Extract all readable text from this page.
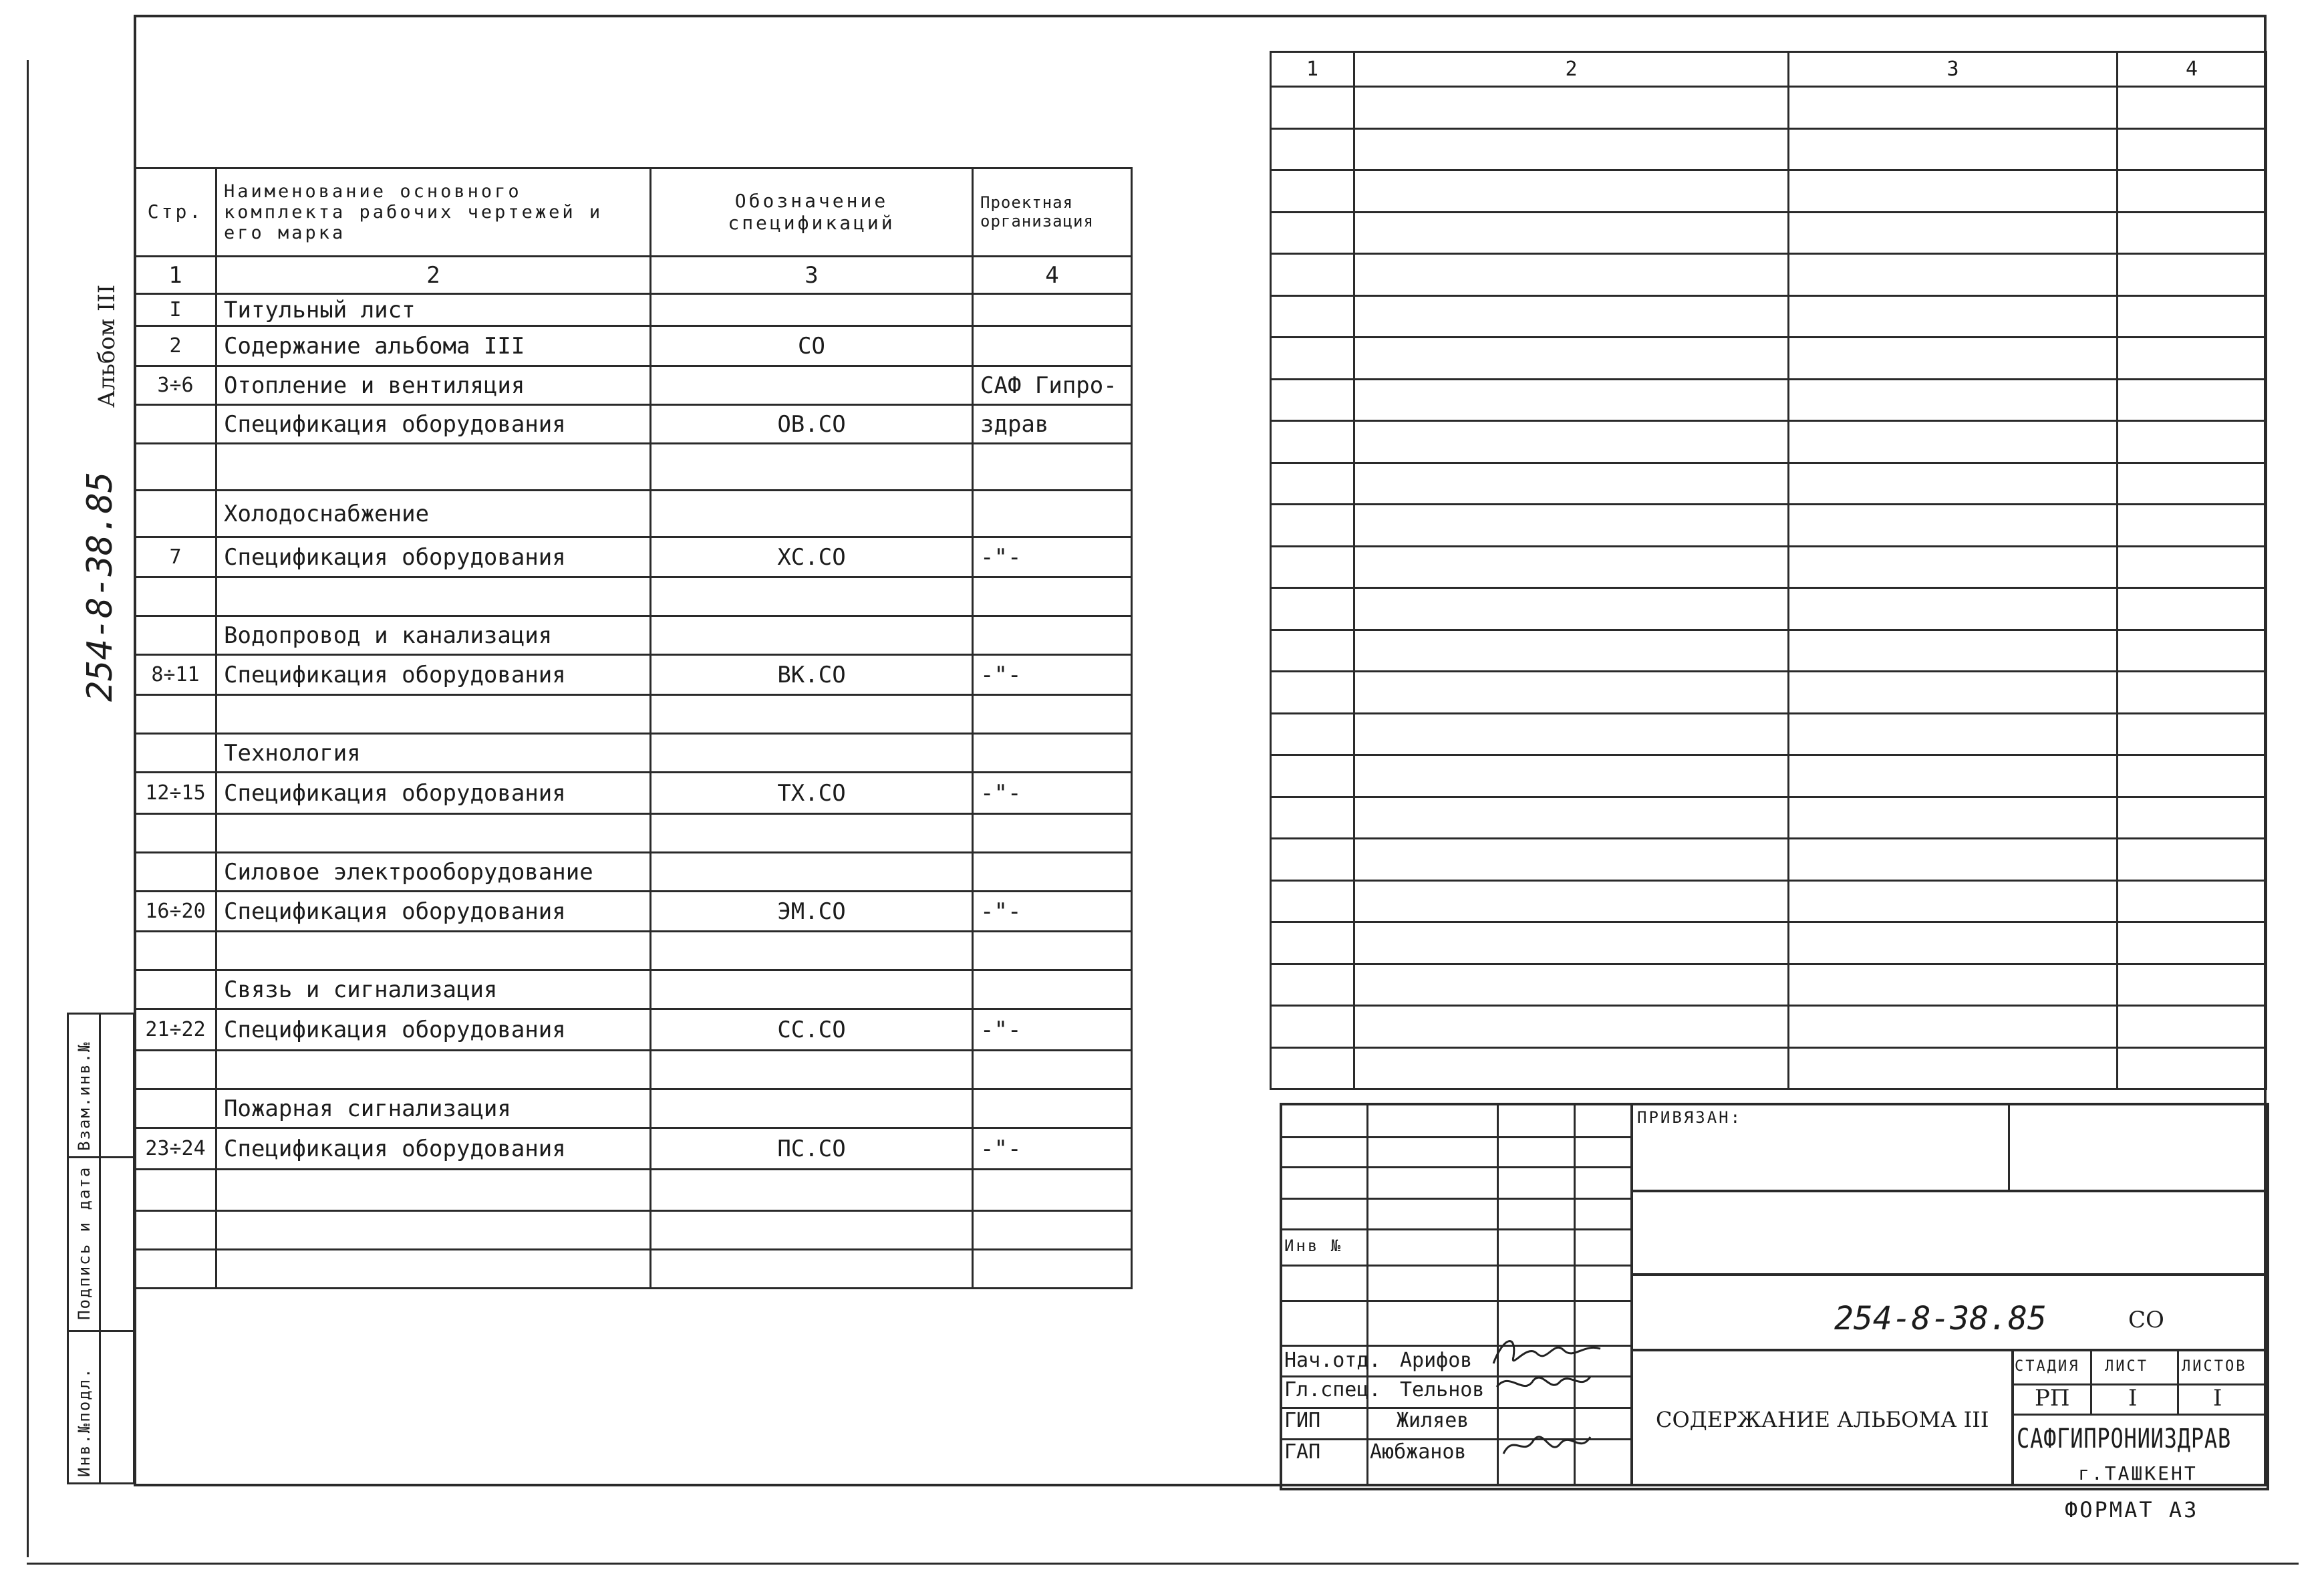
Альбом III
254-8-38.85
Инв.№подл.
Подпись и дата
Взам.инв.№
Стр.	Наименование основного комплекта рабочих чертежей и его марка	Обозначение спецификаций	Проектная организация
1	2	3	4
I	Титульный лист		
2	Содержание альбома III	СО	
3÷6	Отопление и вентиляция		САФ Гипро-
	Спецификация оборудования	ОВ.СО	здрав

	Холодоснабжение		
7	Спецификация оборудования	ХС.СО	-"-

	Водопровод и канализация		
8÷11	Спецификация оборудования	ВК.СО	-"-

	Технология		
12÷15	Спецификация оборудования	ТХ.СО	-"-

	Силовое электрооборудование		
16÷20	Спецификация оборудования	ЭМ.СО	-"-

	Связь и сигнализация		
21÷22	Спецификация оборудования	СС.СО	-"-

	Пожарная сигнализация		
23÷24	Спецификация оборудования	ПС.СО	-"-

1	2	3	4

ПРИВЯЗАН:
Инв №
254-8-38.85	СО
Нач.отд. Арифов
Гл.спец. Тельнов
ГИП	Жиляев
ГАП Аюбжанов
СОДЕРЖАНИЕ АЛЬБОМА III
СТАДИЯ ЛИСТ ЛИСТОВ
РП	I	I
САФГИПРОНИИЗДРАВ
г.ТАШКЕНТ
ФОРМАТ А3
